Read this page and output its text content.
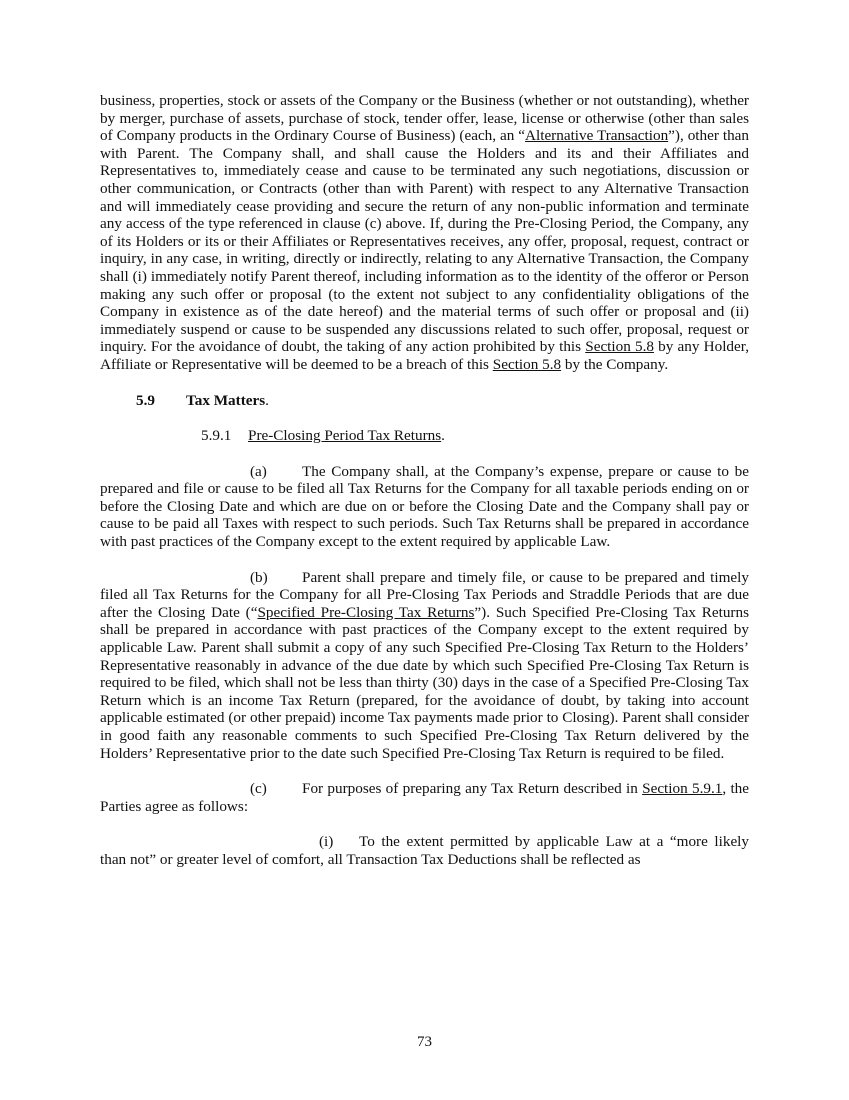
business, properties, stock or assets of the Company or the Business (whether or not outstanding), whether by merger, purchase of assets, purchase of stock, tender offer, lease, license or otherwise (other than sales of Company products in the Ordinary Course of Business) (each, an “Alternative Transaction”), other than with Parent. The Company shall, and shall cause the Holders and its and their Affiliates and Representatives to, immediately cease and cause to be terminated any such negotiations, discussion or other communication, or Contracts (other than with Parent) with respect to any Alternative Transaction and will immediately cease providing and secure the return of any non-public information and terminate any access of the type referenced in clause (c) above. If, during the Pre-Closing Period, the Company, any of its Holders or its or their Affiliates or Representatives receives, any offer, proposal, request, contract or inquiry, in any case, in writing, directly or indirectly, relating to any Alternative Transaction, the Company shall (i) immediately notify Parent thereof, including information as to the identity of the offeror or Person making any such offer or proposal (to the extent not subject to any confidentiality obligations of the Company in existence as of the date hereof) and the material terms of such offer or proposal and (ii) immediately suspend or cause to be suspended any discussions related to such offer, proposal, request or inquiry. For the avoidance of doubt, the taking of any action prohibited by this Section 5.8 by any Holder, Affiliate or Representative will be deemed to be a breach of this Section 5.8 by the Company.

5.9 Tax Matters.

5.9.1 Pre-Closing Period Tax Returns.

(a) The Company shall, at the Company’s expense, prepare or cause to be prepared and file or cause to be filed all Tax Returns for the Company for all taxable periods ending on or before the Closing Date and which are due on or before the Closing Date and the Company shall pay or cause to be paid all Taxes with respect to such periods. Such Tax Returns shall be prepared in accordance with past practices of the Company except to the extent required by applicable Law.

(b) Parent shall prepare and timely file, or cause to be prepared and timely filed all Tax Returns for the Company for all Pre-Closing Tax Periods and Straddle Periods that are due after the Closing Date (“Specified Pre-Closing Tax Returns”). Such Specified Pre-Closing Tax Returns shall be prepared in accordance with past practices of the Company except to the extent required by applicable Law. Parent shall submit a copy of any such Specified Pre-Closing Tax Return to the Holders’ Representative reasonably in advance of the due date by which such Specified Pre-Closing Tax Return is required to be filed, which shall not be less than thirty (30) days in the case of a Specified Pre-Closing Tax Return which is an income Tax Return (prepared, for the avoidance of doubt, by taking into account applicable estimated (or other prepaid) income Tax payments made prior to Closing). Parent shall consider in good faith any reasonable comments to such Specified Pre-Closing Tax Return delivered by the Holders’ Representative prior to the date such Specified Pre-Closing Tax Return is required to be filed.

(c) For purposes of preparing any Tax Return described in Section 5.9.1, the Parties agree as follows:

(i) To the extent permitted by applicable Law at a “more likely than not” or greater level of comfort, all Transaction Tax Deductions shall be reflected as

73
